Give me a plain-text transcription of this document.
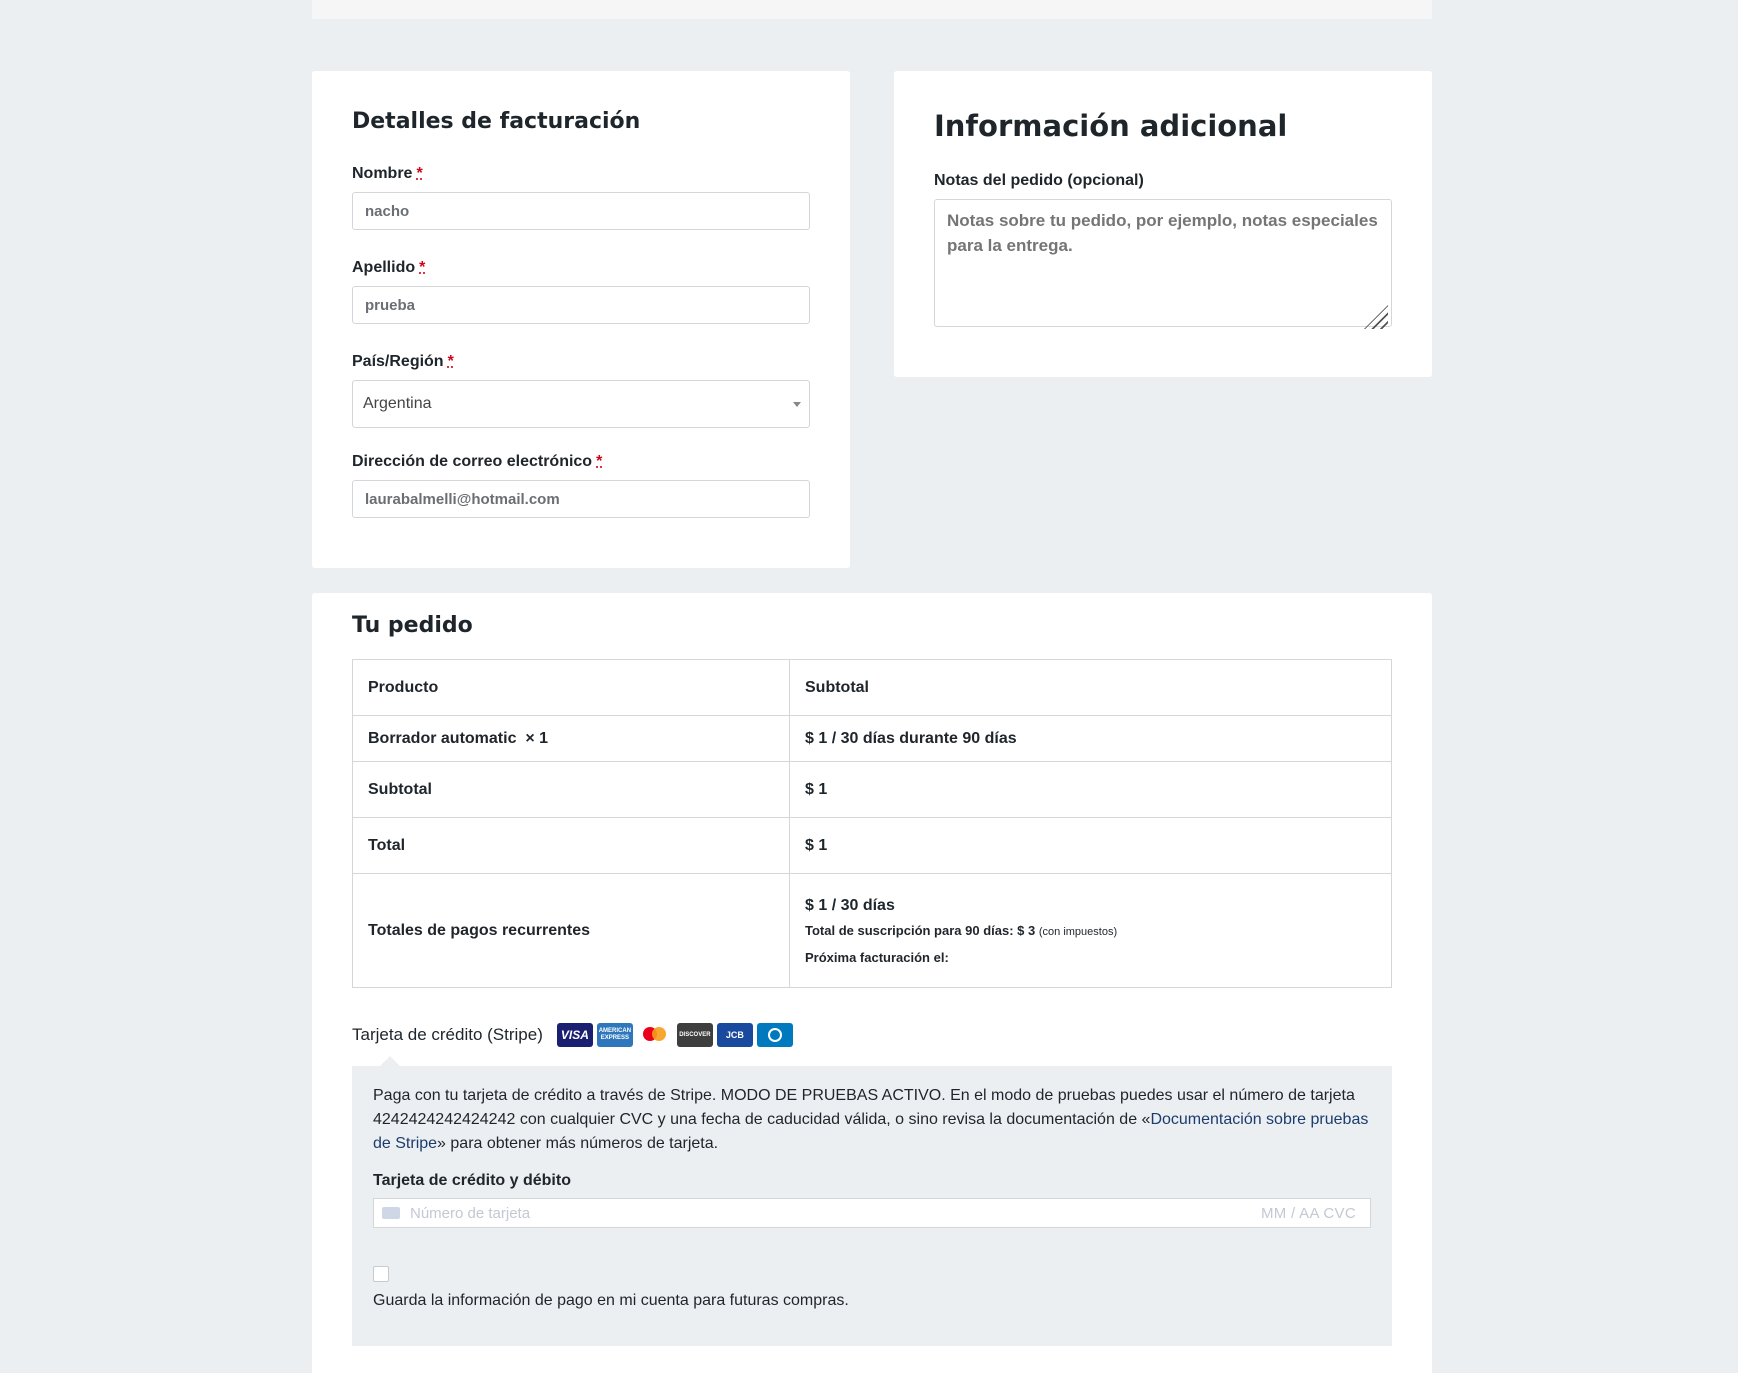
Detalles de facturación
Nombre *
nacho
Apellido *
prueba
País/Región *
Argentina
Dirección de correo electrónico *
laurabalmelli@hotmail.com
Información adicional
Notas del pedido (opcional)
Notas sobre tu pedido, por ejemplo, notas especiales para la entrega.
Tu pedido
Producto	Subtotal
Borrador automatic × 1	$ 1 / 30 días durante 90 días
Subtotal	$ 1
Total	$ 1
Totales de pagos recurrentes	$ 1 / 30 días
Total de suscripción para 90 días: $ 3 (con impuestos)
Próxima facturación el:
Tarjeta de crédito (Stripe)	VISA	AMERICAN EXPRESS	DISCOVER	JCB

Paga con tu tarjeta de crédito a través de Stripe. MODO DE PRUEBAS ACTIVO. En el modo de pruebas puedes usar el número de tarjeta 4242424242424242 con cualquier CVC y una fecha de caducidad válida, o sino revisa la documentación de «Documentación sobre pruebas de Stripe» para obtener más números de tarjeta.

Tarjeta de crédito y débito
Número de tarjeta	MM / AA CVC
Guarda la información de pago en mi cuenta para futuras compras.
